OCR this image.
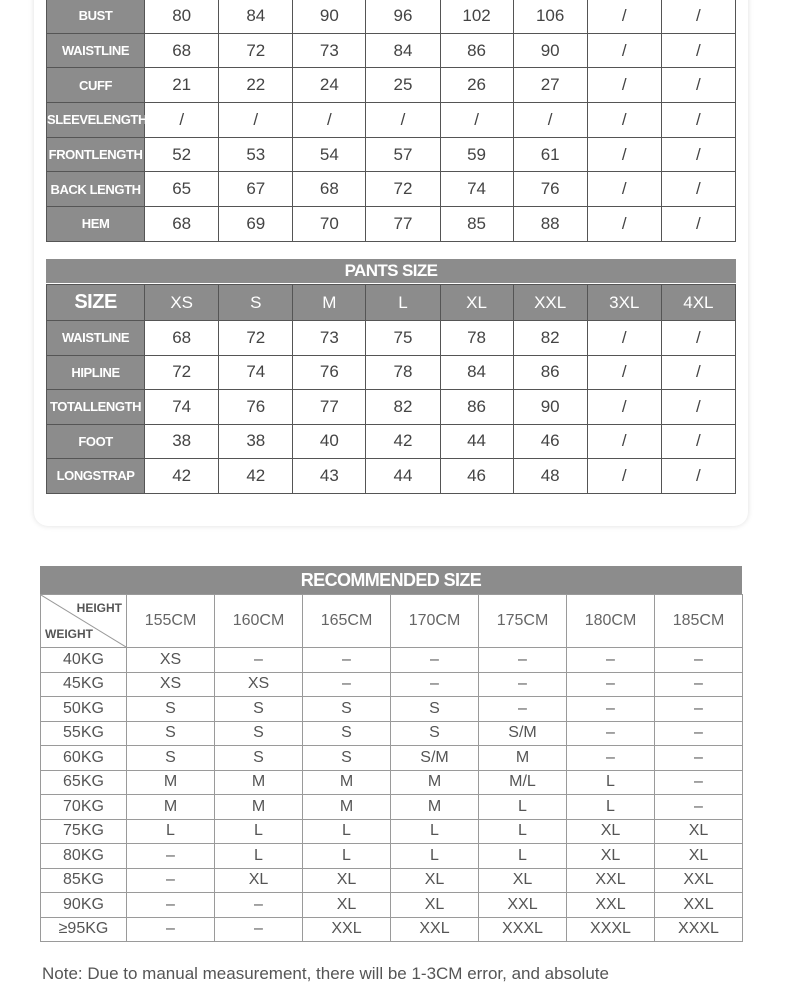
BUST	80	84	90	96	102	106	/	/
WAISTLINE	68	72	73	84	86	90	/	/
CUFF	21	22	24	25	26	27	/	/
SLEEVELENGTH	/	/	/	/	/	/	/	/
FRONTLENGTH	52	53	54	57	59	61	/	/
BACK LENGTH	65	67	68	72	74	76	/	/
HEM	68	69	70	77	85	88	/	/
PANTS SIZE
SIZE	XS	S	M	L	XL	XXL	3XL	4XL
WAISTLINE	68	72	73	75	78	82	/	/
HIPLINE	72	74	76	78	84	86	/	/
TOTALLENGTH	74	76	77	82	86	90	/	/
FOOT	38	38	40	42	44	46	/	/
LONGSTRAP	42	42	43	44	46	48	/	/
RECOMMENDED SIZE
HEIGHT
WEIGHT	155CM	160CM	165CM	170CM	175CM	180CM	185CM
40KG	XS	–	–	–	–	–	–
45KG	XS	XS	–	–	–	–	–
50KG	S	S	S	S	–	–	–
55KG	S	S	S	S	S/M	–	–
60KG	S	S	S	S/M	M	–	–
65KG	M	M	M	M	M/L	L	–
70KG	M	M	M	M	L	L	–
75KG	L	L	L	L	L	XL	XL
80KG	–	L	L	L	L	XL	XL
85KG	–	XL	XL	XL	XL	XXL	XXL
90KG	–	–	XL	XL	XXL	XXL	XXL
≥95KG	–	–	XXL	XXL	XXXL	XXXL	XXXL
Note: Due to manual measurement, there will be 1-3CM error, and absolute
